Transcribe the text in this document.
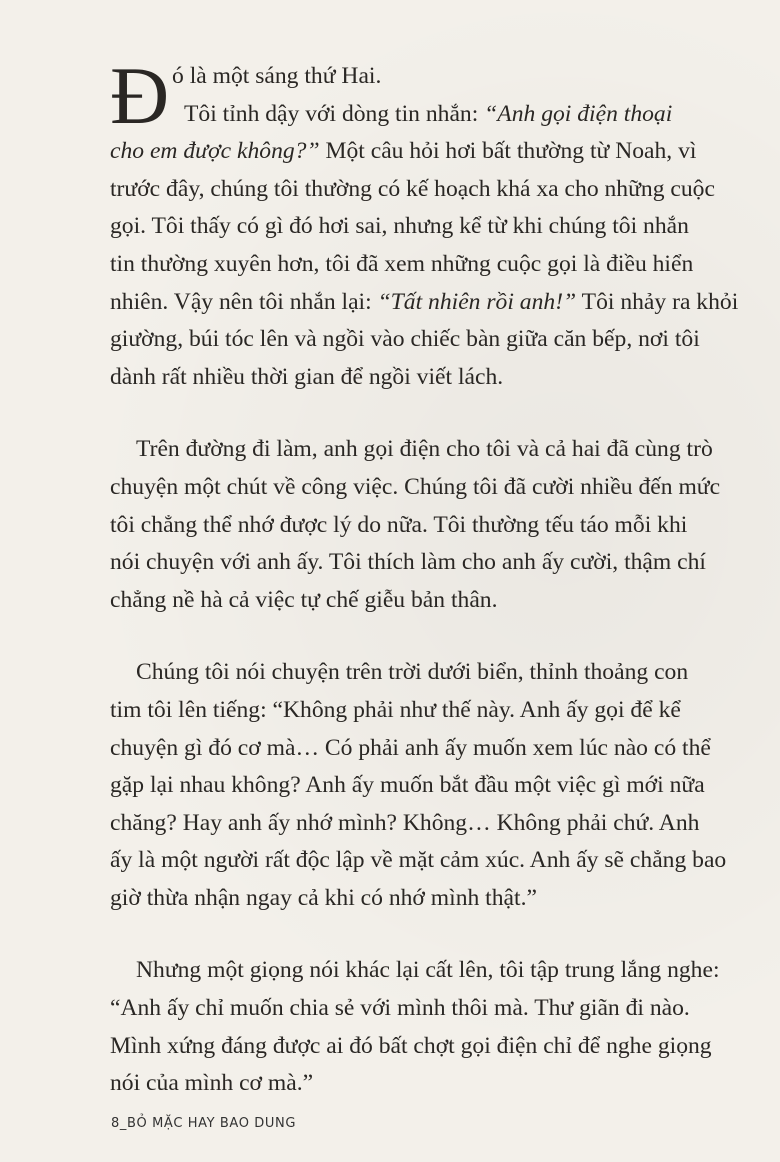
Đ ó là một sáng thứ Hai.
Tôi tỉnh dậy với dòng tin nhắn: “Anh gọi điện thoại
cho em được không?” Một câu hỏi hơi bất thường từ Noah, vì
trước đây, chúng tôi thường có kế hoạch khá xa cho những cuộc
gọi. Tôi thấy có gì đó hơi sai, nhưng kể từ khi chúng tôi nhắn
tin thường xuyên hơn, tôi đã xem những cuộc gọi là điều hiển
nhiên. Vậy nên tôi nhắn lại: “Tất nhiên rồi anh!” Tôi nhảy ra khỏi
giường, búi tóc lên và ngồi vào chiếc bàn giữa căn bếp, nơi tôi
dành rất nhiều thời gian để ngồi viết lách.
Trên đường đi làm, anh gọi điện cho tôi và cả hai đã cùng trò
chuyện một chút về công việc. Chúng tôi đã cười nhiều đến mức
tôi chẳng thể nhớ được lý do nữa. Tôi thường tếu táo mỗi khi
nói chuyện với anh ấy. Tôi thích làm cho anh ấy cười, thậm chí
chẳng nề hà cả việc tự chế giễu bản thân.
Chúng tôi nói chuyện trên trời dưới biển, thỉnh thoảng con
tim tôi lên tiếng: “Không phải như thế này. Anh ấy gọi để kể
chuyện gì đó cơ mà… Có phải anh ấy muốn xem lúc nào có thể
gặp lại nhau không? Anh ấy muốn bắt đầu một việc gì mới nữa
chăng? Hay anh ấy nhớ mình? Không… Không phải chứ. Anh
ấy là một người rất độc lập về mặt cảm xúc. Anh ấy sẽ chẳng bao
giờ thừa nhận ngay cả khi có nhớ mình thật.”
Nhưng một giọng nói khác lại cất lên, tôi tập trung lắng nghe:
“Anh ấy chỉ muốn chia sẻ với mình thôi mà. Thư giãn đi nào.
Mình xứng đáng được ai đó bất chợt gọi điện chỉ để nghe giọng
nói của mình cơ mà.”
8_BỎ MẶC HAY BAO DUNG
